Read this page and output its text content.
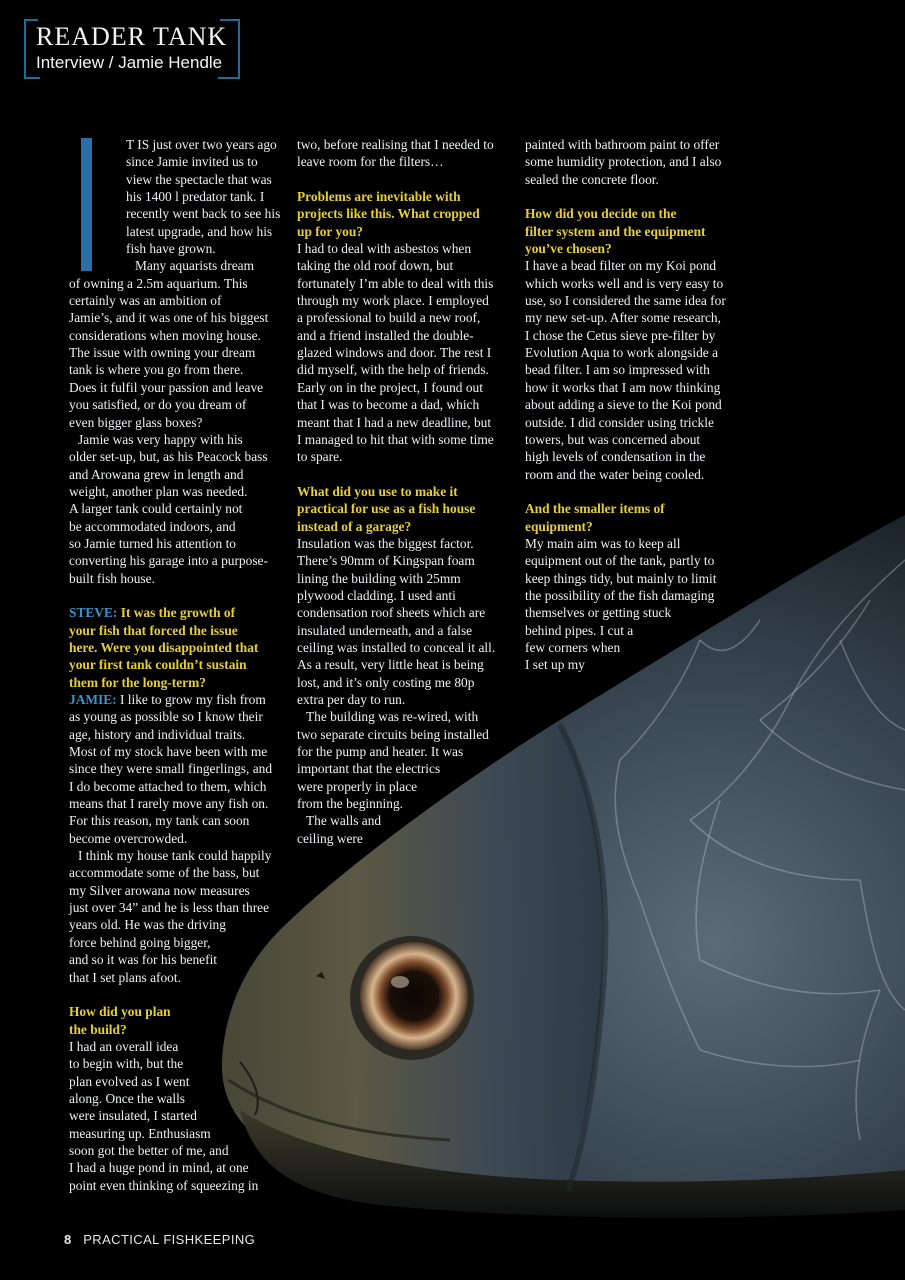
READER TANK
Interview / Jamie Hendle

T IS just over two years ago

since Jamie invited us to

view the spectacle that was

his 1400 l predator tank. I

recently went back to see his

latest upgrade, and how his

fish have grown.

Many aquarists dream

of owning a 2.5m aquarium. This

certainly was an ambition of

Jamie’s, and it was one of his biggest

considerations when moving house.

The issue with owning your dream

tank is where you go from there.

Does it fulfil your passion and leave

you satisfied, or do you dream of

even bigger glass boxes?

Jamie was very happy with his

older set-up, but, as his Peacock bass

and Arowana grew in length and

weight, another plan was needed.

A larger tank could certainly not

be accommodated indoors, and

so Jamie turned his attention to

converting his garage into a purpose-

built fish house.

STEVE: It was the growth of

your fish that forced the issue

here. Were you disappointed that

your first tank couldn’t sustain

them for the long-term?

JAMIE: I like to grow my fish from

as young as possible so I know their

age, history and individual traits.

Most of my stock have been with me

since they were small fingerlings, and

I do become attached to them, which

means that I rarely move any fish on.

For this reason, my tank can soon

become overcrowded.

I think my house tank could happily

accommodate some of the bass, but

my Silver arowana now measures

just over 34” and he is less than three

years old. He was the driving

force behind going bigger,

and so it was for his benefit

that I set plans afoot.

How did you plan

the build?

I had an overall idea

to begin with, but the

plan evolved as I went

along. Once the walls

were insulated, I started

measuring up. Enthusiasm

soon got the better of me, and

I had a huge pond in mind, at one

point even thinking of squeezing in

two, before realising that I needed to

leave room for the filters…

Problems are inevitable with

projects like this. What cropped

up for you?

I had to deal with asbestos when

taking the old roof down, but

fortunately I’m able to deal with this

through my work place. I employed

a professional to build a new roof,

and a friend installed the double-

glazed windows and door. The rest I

did myself, with the help of friends.

Early on in the project, I found out

that I was to become a dad, which

meant that I had a new deadline, but

I managed to hit that with some time

to spare.

What did you use to make it

practical for use as a fish house

instead of a garage?

Insulation was the biggest factor.

There’s 90mm of Kingspan foam

lining the building with 25mm

plywood cladding. I used anti

condensation roof sheets which are

insulated underneath, and a false

ceiling was installed to conceal it all.

As a result, very little heat is being

lost, and it’s only costing me 80p

extra per day to run.

The building was re-wired, with

two separate circuits being installed

for the pump and heater. It was

important that the electrics

were properly in place

from the beginning.

The walls and

ceiling were

painted with bathroom paint to offer

some humidity protection, and I also

sealed the concrete floor.

How did you decide on the

filter system and the equipment

you’ve chosen?

I have a bead filter on my Koi pond

which works well and is very easy to

use, so I considered the same idea for

my new set-up. After some research,

I chose the Cetus sieve pre-filter by

Evolution Aqua to work alongside a

bead filter. I am so impressed with

how it works that I am now thinking

about adding a sieve to the Koi pond

outside. I did consider using trickle

towers, but was concerned about

high levels of condensation in the

room and the water being cooled.

And the smaller items of

equipment?

My main aim was to keep all

equipment out of the tank, partly to

keep things tidy, but mainly to limit

the possibility of the fish damaging

themselves or getting stuck

behind pipes. I cut a

few corners when

I set up my

8 PRACTICAL FISHKEEPING
